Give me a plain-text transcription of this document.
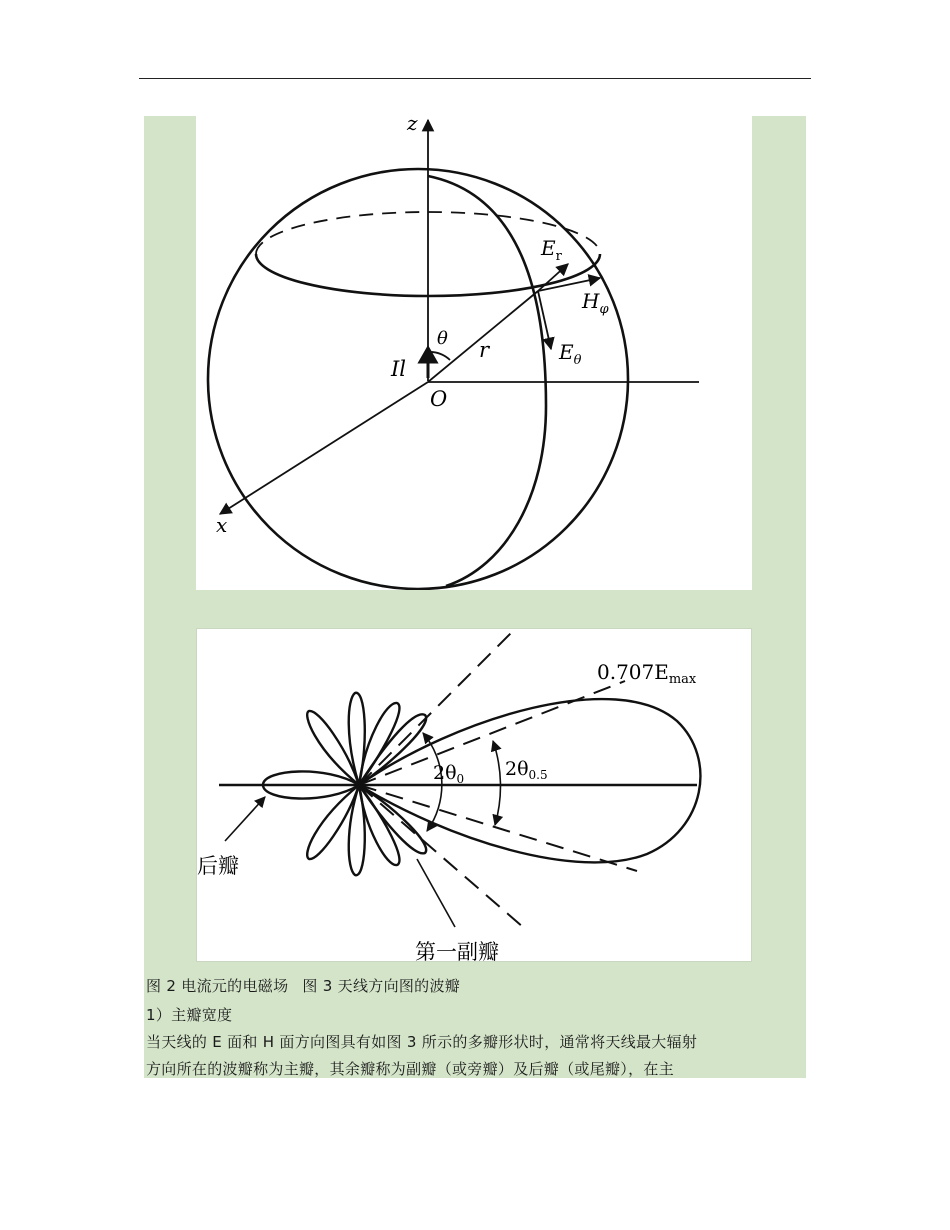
z
x
O
θ r
Il
$E_r$
$H_\varphi$
$E_\theta$
$0.707E_{max}$
$2\theta_0$ $2\theta_{0.5}$
后瓣
第一副瓣
图 2 电流元的电磁场 图 3 天线方向图的波瓣
1）主瓣宽度
当天线的 E 面和 H 面方向图具有如图 3 所示的多瓣形状时，通常将天线最大辐射
方向所在的波瓣称为主瓣，其余瓣称为副瓣（或旁瓣）及后瓣（或尾瓣），在主
